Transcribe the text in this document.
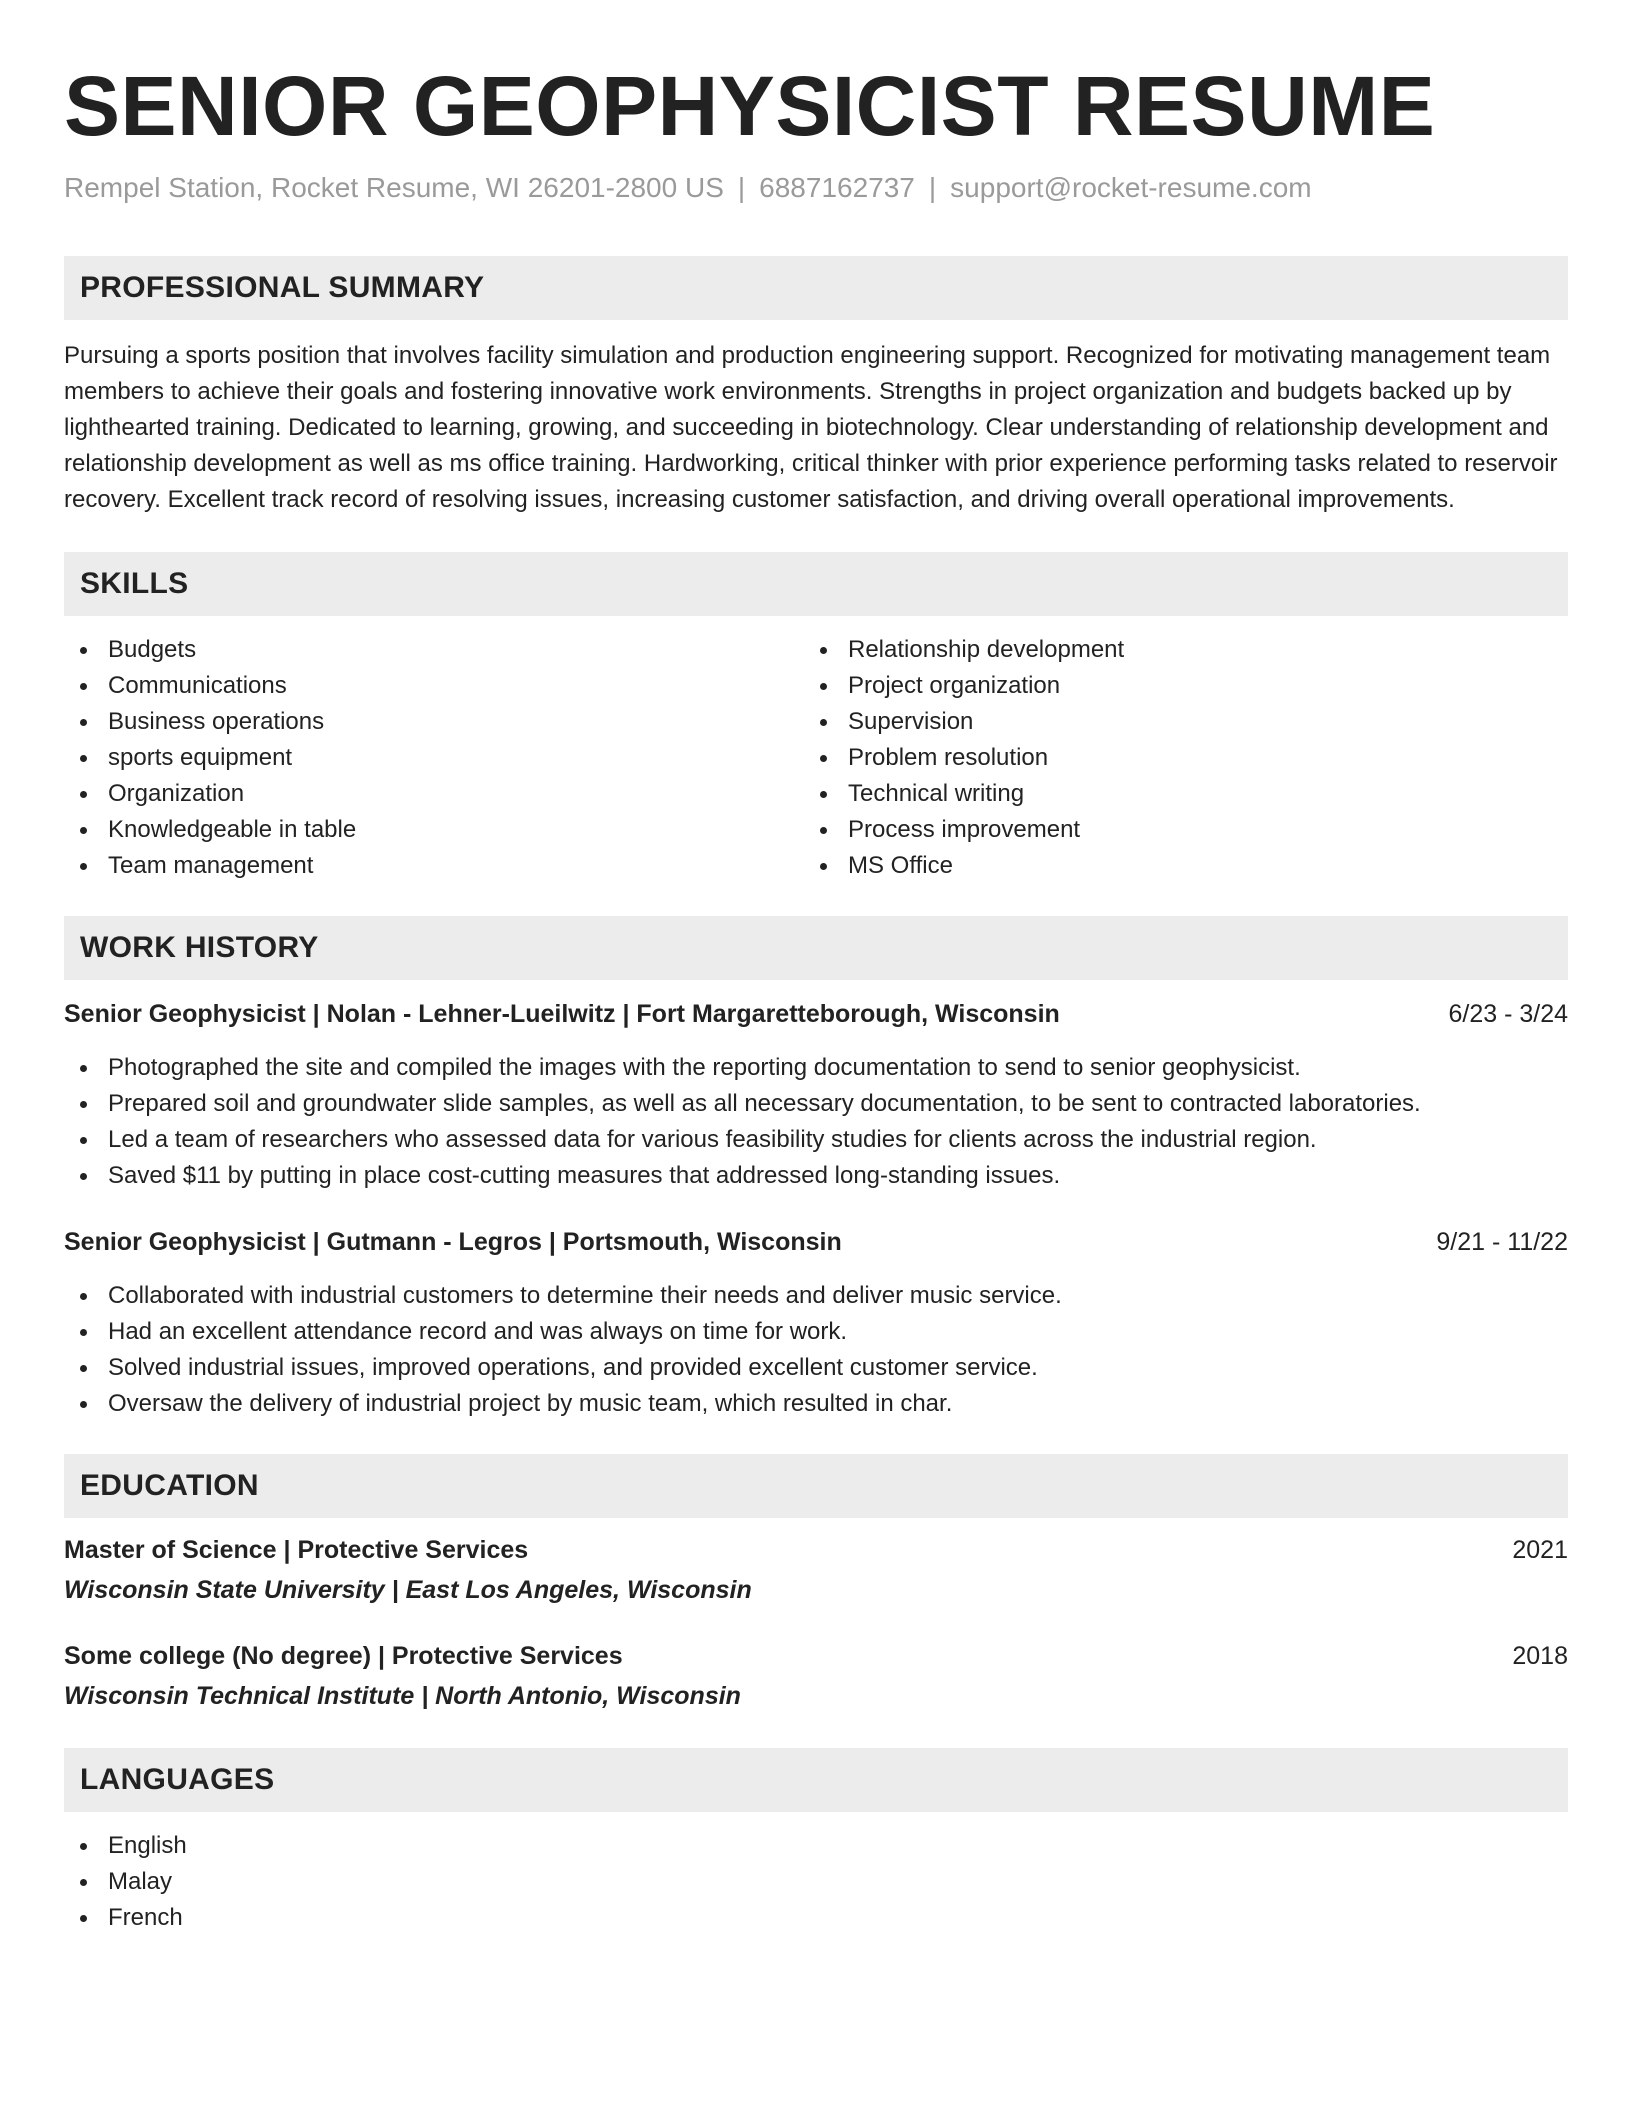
SENIOR GEOPHYSICIST RESUME
Rempel Station, Rocket Resume, WI 26201-2800 US | 6887162737 | support@rocket-resume.com
PROFESSIONAL SUMMARY

Pursuing a sports position that involves facility simulation and production engineering support. Recognized for motivating management team members to achieve their goals and fostering innovative work environments. Strengths in project organization and budgets backed up by lighthearted training. Dedicated to learning, growing, and succeeding in biotechnology. Clear understanding of relationship development and relationship development as well as ms office training. Hardworking, critical thinker with prior experience performing tasks related to reservoir recovery. Excellent track record of resolving issues, increasing customer satisfaction, and driving overall operational improvements.

SKILLS
Budgets
Communications
Business operations
sports equipment
Organization
Knowledgeable in table
Team management
Relationship development
Project organization
Supervision
Problem resolution
Technical writing
Process improvement
MS Office
WORK HISTORY
Senior Geophysicist | Nolan - Lehner-Lueilwitz | Fort Margaretteborough, Wisconsin	6/23 - 3/24
Photographed the site and compiled the images with the reporting documentation to send to senior geophysicist.
Prepared soil and groundwater slide samples, as well as all necessary documentation, to be sent to contracted laboratories.
Led a team of researchers who assessed data for various feasibility studies for clients across the industrial region.
Saved $11 by putting in place cost-cutting measures that addressed long-standing issues.
Senior Geophysicist | Gutmann - Legros | Portsmouth, Wisconsin	9/21 - 11/22
Collaborated with industrial customers to determine their needs and deliver music service.
Had an excellent attendance record and was always on time for work.
Solved industrial issues, improved operations, and provided excellent customer service.
Oversaw the delivery of industrial project by music team, which resulted in char.
EDUCATION
Master of Science | Protective Services	2021
Wisconsin State University | East Los Angeles, Wisconsin
Some college (No degree) | Protective Services	2018
Wisconsin Technical Institute | North Antonio, Wisconsin
LANGUAGES
English
Malay
French
